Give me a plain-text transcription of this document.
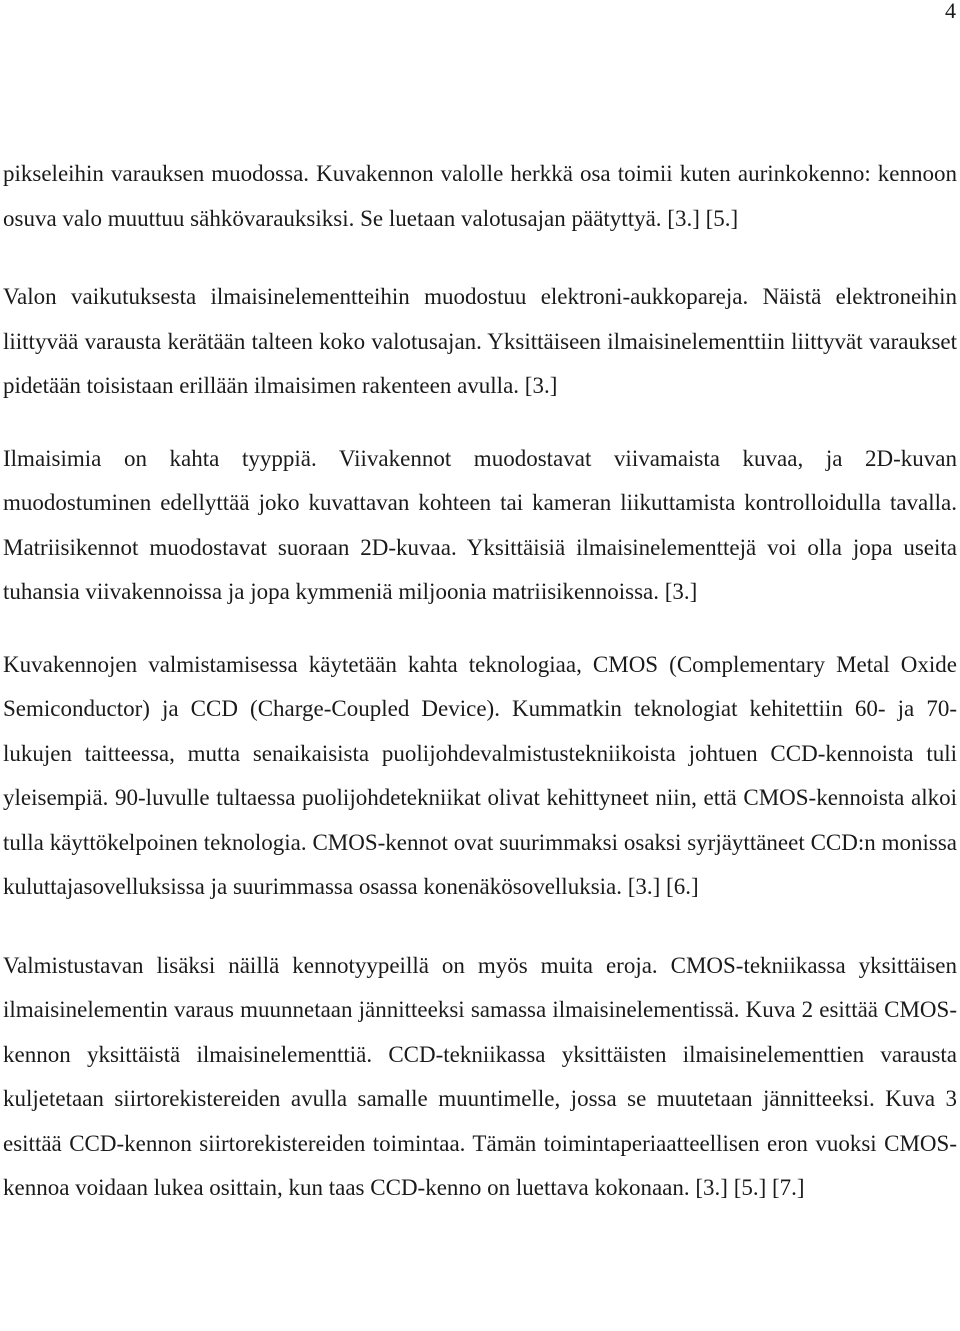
4

pikseleihin varauksen muodossa. Kuvakennon valolle herkkä osa toimii kuten aurinkokenno: kennoon osuva valo muuttuu sähkövarauksiksi. Se luetaan valotusajan päätyttyä. [3.] [5.]

Valon vaikutuksesta ilmaisinelementteihin muodostuu elektroni-aukkopareja. Näistä elektroneihin liittyvää varausta kerätään talteen koko valotusajan. Yksittäiseen ilmaisinelementtiin liittyvät varaukset pidetään toisistaan erillään ilmaisimen rakenteen avulla. [3.]

Ilmaisimia on kahta tyyppiä. Viivakennot muodostavat viivamaista kuvaa, ja 2D-kuvan muodostuminen edellyttää joko kuvattavan kohteen tai kameran liikuttamista kontrolloidulla tavalla. Matriisikennot muodostavat suoraan 2D-kuvaa. Yksittäisiä ilmaisinelementtejä voi olla jopa useita tuhansia viivakennoissa ja jopa kymmeniä miljoonia matriisikennoissa. [3.]

Kuvakennojen valmistamisessa käytetään kahta teknologiaa, CMOS (Complementary Metal Oxide Semiconductor) ja CCD (Charge-Coupled Device). Kummatkin teknologiat kehitettiin 60- ja 70-lukujen taitteessa, mutta senaikaisista puolijohdevalmistustekniikoista johtuen CCD-kennoista tuli yleisempiä. 90-luvulle tultaessa puolijohdetekniikat olivat kehittyneet niin, että CMOS-kennoista alkoi tulla käyttökelpoinen teknologia. CMOS-kennot ovat suurimmaksi osaksi syrjäyttäneet CCD:n monissa kuluttajasovelluksissa ja suurimmassa osassa konenäkösovelluksia. [3.] [6.]

Valmistustavan lisäksi näillä kennotyypeillä on myös muita eroja. CMOS-tekniikassa yksittäisen ilmaisinelementin varaus muunnetaan jännitteeksi samassa ilmaisinelementissä. Kuva 2 esittää CMOS-kennon yksittäistä ilmaisinelementtiä. CCD-tekniikassa yksittäisten ilmaisinelementtien varausta kuljetetaan siirtorekistereiden avulla samalle muuntimelle, jossa se muutetaan jännitteeksi. Kuva 3 esittää CCD-kennon siirtorekistereiden toimintaa. Tämän toimintaperiaatteellisen eron vuoksi CMOS-kennoa voidaan lukea osittain, kun taas CCD-kenno on luettava kokonaan. [3.] [5.] [7.]
